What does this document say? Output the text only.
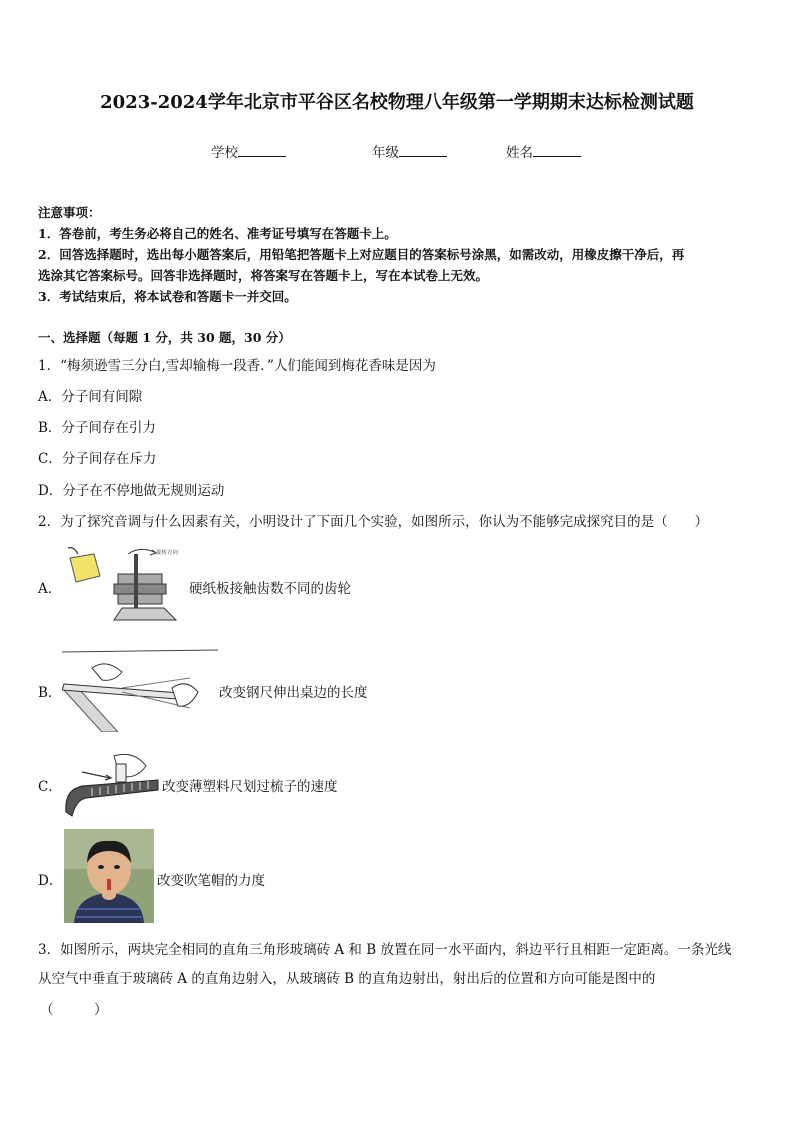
2023-2024学年北京市平谷区名校物理八年级第一学期期末达标检测试题
学校	年级	姓名
注意事项：
1．答卷前，考生务必将自己的姓名、准考证号填写在答题卡上。
2．回答选择题时，选出每小题答案后，用铅笔把答题卡上对应题目的答案标号涂黑，如需改动，用橡皮擦干净后，再
选涂其它答案标号。回答非选择题时，将答案写在答题卡上，写在本试卷上无效。
3．考试结束后，将本试卷和答题卡一并交回。
一、选择题（每题 1 分，共 30 题，30 分）
1．“梅须逊雪三分白,雪却输梅一段香．”人们能闻到梅花香味是因为
A．分子间有间隙
B．分子间存在引力
C．分子间存在斥力
D．分子在不停地做无规则运动
2．为了探究音调与什么因素有关，小明设计了下面几个实验，如图所示，你认为不能够完成探究目的是（　　）
A．
旋转方向
硬纸板接触齿数不同的齿轮
B．	改变钢尺伸出桌边的长度
C．	改变薄塑料尺划过梳子的速度
D．	改变吹笔帽的力度
3．如图所示，两块完全相同的直角三角形玻璃砖 A 和 B 放置在同一水平面内，斜边平行且相距一定距离。一条光线
从空气中垂直于玻璃砖 A 的直角边射入，从玻璃砖 B 的直角边射出，射出后的位置和方向可能是图中的
（　　　）
